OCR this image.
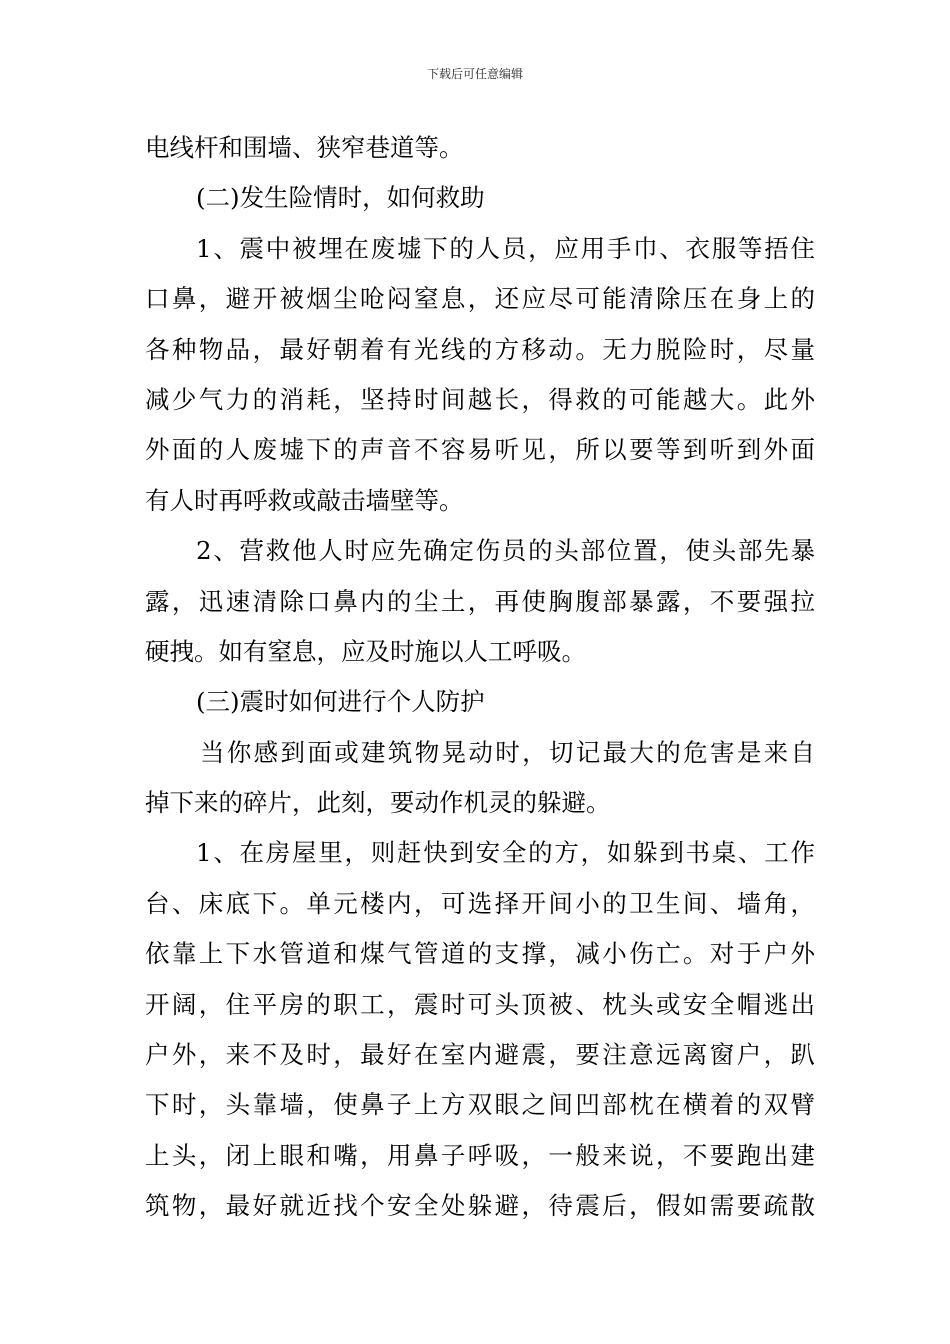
下载后可任意编辑
电线杆和围墙、狭窄巷道等。
(二)发生险情时，如何救助
1、震中被埋在废墟下的人员，应用手巾、衣服等捂住
口鼻，避开被烟尘呛闷窒息，还应尽可能清除压在身上的
各种物品，最好朝着有光线的方移动。无力脱险时，尽量
减少气力的消耗，坚持时间越长，得救的可能越大。此外
外面的人废墟下的声音不容易听见，所以要等到听到外面
有人时再呼救或敲击墙壁等。
2、营救他人时应先确定伤员的头部位置，使头部先暴
露，迅速清除口鼻内的尘土，再使胸腹部暴露，不要强拉
硬拽。如有窒息，应及时施以人工呼吸。
(三)震时如何进行个人防护
当你感到面或建筑物晃动时，切记最大的危害是来自
掉下来的碎片，此刻，要动作机灵的躲避。
1、在房屋里，则赶快到安全的方，如躲到书桌、工作
台、床底下。单元楼内，可选择开间小的卫生间、墙角，
依靠上下水管道和煤气管道的支撑，减小伤亡。对于户外
开阔，住平房的职工，震时可头顶被、枕头或安全帽逃出
户外，来不及时，最好在室内避震，要注意远离窗户，趴
下时，头靠墙，使鼻子上方双眼之间凹部枕在横着的双臂
上头，闭上眼和嘴，用鼻子呼吸，一般来说，不要跑出建
筑物，最好就近找个安全处躲避，待震后，假如需要疏散
